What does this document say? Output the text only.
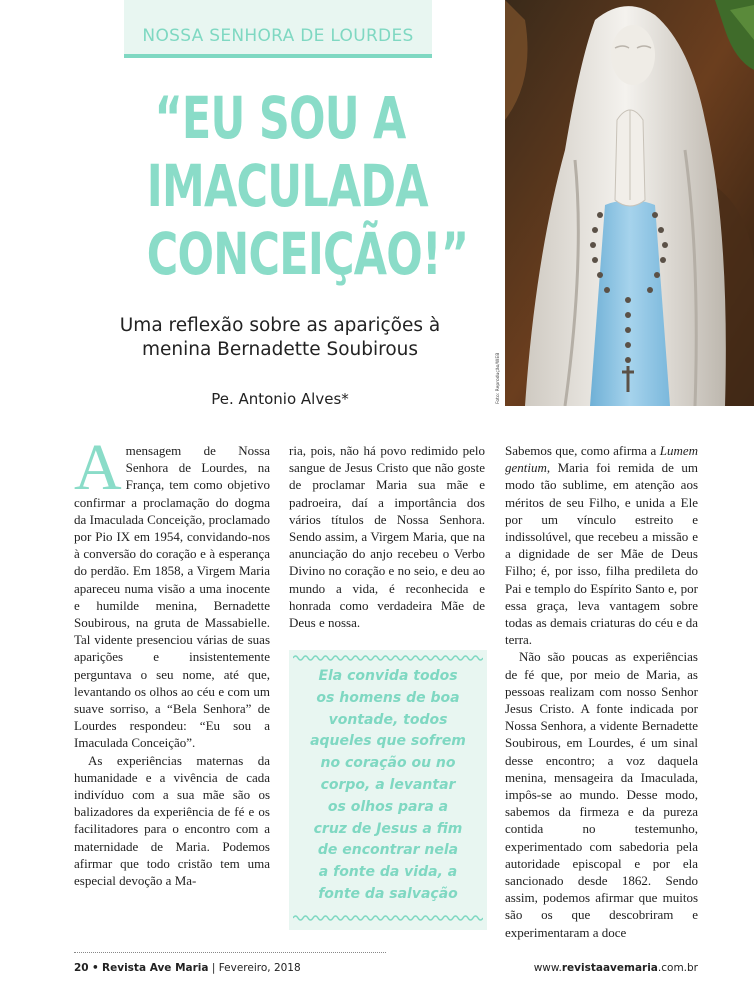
NOSSA SENHORA DE LOURDES
“EU SOU A
IMACULADA
CONCEIÇÃO!”
Uma reflexão sobre as aparições à
menina Bernadette Soubirous
Pe. Antonio Alves*	Foto: Reprodução/WEB

A mensagem de Nossa Senhora de Lourdes, na França, tem como objetivo confirmar a proclamação do dogma da Imaculada Conceição, proclamado por Pio IX em 1954, convidando-nos à conversão do coração e à esperança do perdão. Em 1858, a Virgem Maria apareceu numa visão a uma inocente e humilde menina, Bernadette Soubirous, na gruta de Massabielle. Tal vidente presenciou várias de suas aparições e insistentemente perguntava o seu nome, até que, levantando os olhos ao céu e com um suave sorriso, a “Bela Senhora” de Lourdes respondeu: “Eu sou a Imaculada Conceição”.

As experiências maternas da humanidade e a vivência de cada indivíduo com a sua mãe são os balizadores da experiência de fé e os facilitadores para o encontro com a maternidade de Maria. Podemos afirmar que todo cristão tem uma especial devoção a Ma-

ria, pois, não há povo redimido pelo sangue de Jesus Cristo que não goste de proclamar Maria sua mãe e padroeira, daí a importância dos vários títulos de Nossa Senhora. Sendo assim, a Virgem Maria, que na anunciação do anjo recebeu o Verbo Divino no coração e no seio, e deu ao mundo a vida, é reconhecida e honrada como verdadeira Mãe de Deus e nossa.

Ela convida todos
os homens de boa
vontade, todos
aqueles que sofrem
no coração ou no
corpo, a levantar
os olhos para a
cruz de Jesus a fim
de encontrar nela
a fonte da vida, a
fonte da salvação

Sabemos que, como afirma a Lumem gentium, Maria foi remida de um modo tão sublime, em atenção aos méritos de seu Filho, e unida a Ele por um vínculo estreito e indissolúvel, que recebeu a missão e a dignidade de ser Mãe de Deus Filho; é, por isso, filha predileta do Pai e templo do Espírito Santo e, por essa graça, leva vantagem sobre todas as demais criaturas do céu e da terra.

Não são poucas as experiências de fé que, por meio de Maria, as pessoas realizam com nosso Senhor Jesus Cristo. A fonte indicada por Nossa Senhora, a vidente Bernadette Soubirous, em Lourdes, é um sinal desse encontro; a voz daquela menina, mensageira da Imaculada, impôs-se ao mundo. Desse modo, sabemos da firmeza e da pureza contida no testemunho, experimentado com sabedoria pela autoridade episcopal e por ela sancionado desde 1862. Sendo assim, podemos afirmar que muitos são os que descobriram e experimentaram a doce

20 • Revista Ave Maria | Fevereiro, 2018	www.revistaavemaria.com.br
